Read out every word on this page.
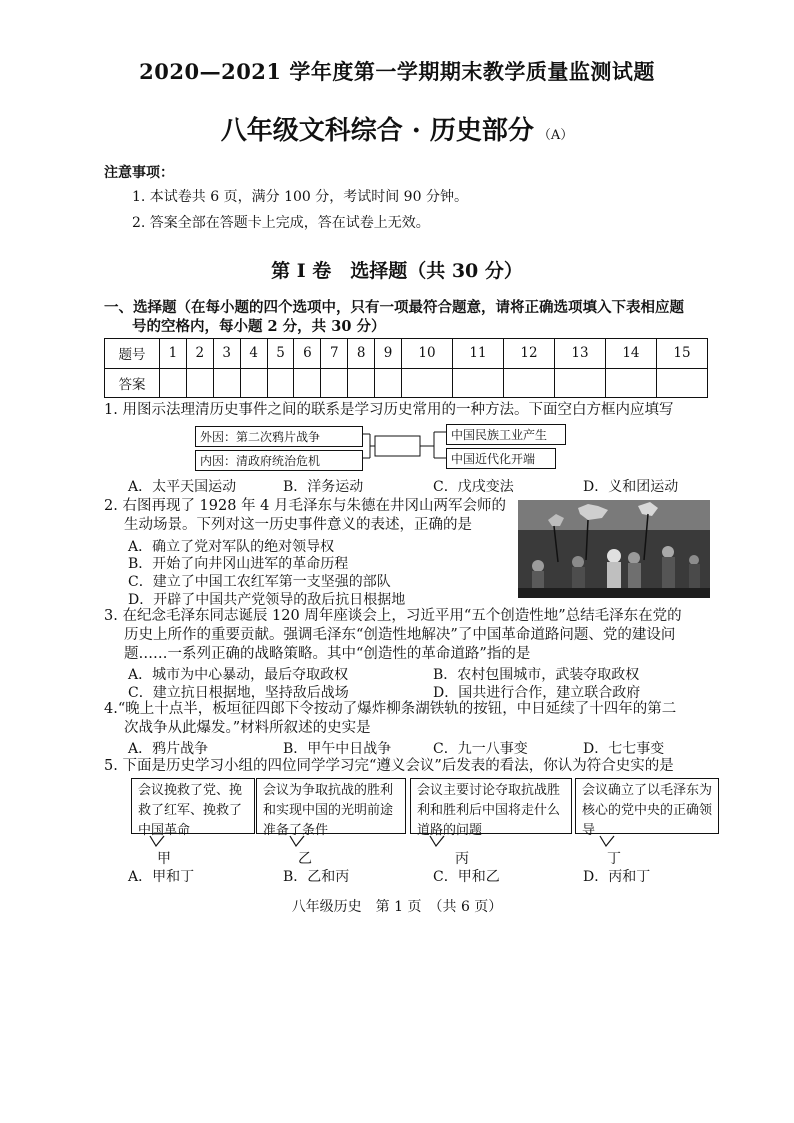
2020—2021 学年度第一学期期末教学质量监测试题
八年级文科综合 · 历史部分 （A）
注意事项：
1. 本试卷共 6 页，满分 100 分，考试时间 90 分钟。
2. 答案全部在答题卡上完成，答在试卷上无效。
第 Ⅰ 卷　选择题（共 30 分）
一、选择题（在每小题的四个选项中，只有一项最符合题意，请将正确选项填入下表相应题
号的空格内，每小题 2 分，共 30 分）
题号	1	2	3	4	5	6	7	8	9	10	11	12	13	14	15
答案															
1. 用图示法理清历史事件之间的联系是学习历史常用的一种方法。下面空白方框内应填写
外因：第二次鸦片战争
内因：清政府统治危机
中国民族工业产生
中国近代化开端
A．太平天国运动	B．洋务运动	C．戊戌变法	D．义和团运动
2. 右图再现了 1928 年 4 月毛泽东与朱德在井冈山两军会师的
生动场景。下列对这一历史事件意义的表述，正确的是
A．确立了党对军队的绝对领导权
B．开始了向井冈山进军的革命历程
C．建立了中国工农红军第一支坚强的部队
D．开辟了中国共产党领导的敌后抗日根据地
3. 在纪念毛泽东同志诞辰 120 周年座谈会上，习近平用“五个创造性地”总结毛泽东在党的
历史上所作的重要贡献。强调毛泽东“创造性地解决”了中国革命道路问题、党的建设问
题……一系列正确的战略策略。其中“创造性的革命道路”指的是
A．城市为中心暴动，最后夺取政权	B．农村包围城市，武装夺取政权
C．建立抗日根据地，坚持敌后战场	D．国共进行合作，建立联合政府
4.“晚上十点半，板垣征四郎下令按动了爆炸柳条湖铁轨的按钮，中日延续了十四年的第二
次战争从此爆发。”材料所叙述的史实是
A．鸦片战争	B．甲午中日战争	C．九一八事变	D．七七事变
5. 下面是历史学习小组的四位同学学习完“遵义会议”后发表的看法，你认为符合史实的是
会议挽救了党、挽救了红军、挽救了中国革命
会议为争取抗战的胜利和实现中国的光明前途准备了条件
会议主要讨论夺取抗战胜利和胜利后中国将走什么道路的问题
会议确立了以毛泽东为核心的党中央的正确领导
甲	乙	丙	丁
A．甲和丁	B．乙和丙	C．甲和乙	D．丙和丁
八年级历史　第 1 页　（共 6 页）
